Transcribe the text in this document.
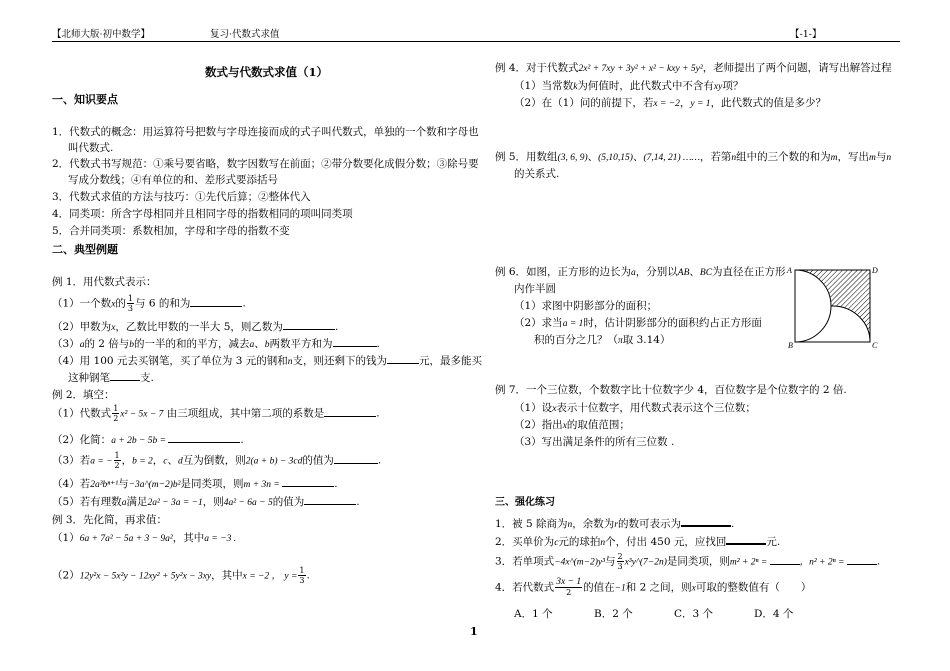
【北师大版·初中数学】	复习·代数式求值	【-1-】
数式与代数式求值（1）
一、知识要点
1．代数式的概念：用运算符号把数与字母连接而成的式子叫代数式，单独的一个数和字母也
叫代数式.
2．代数式书写规范：①乘号要省略，数字因数写在前面；②带分数要化成假分数；③除号要
写成分数线；④有单位的和、差形式要添括号
3．代数式求值的方法与技巧：①先代后算；②整体代入
4．同类项：所含字母相同并且相同字母的指数相同的项叫同类项
5．合并同类项：系数相加，字母和字母的指数不变
二、典型例题
例 1．用代数式表示：
（1）一个数x的 $\frac{1}{3}$ 与 6 的和为	.
（2）甲数为x，乙数比甲数的一半大 5，则乙数为	.
（3）a的 2 倍与b的一半的和的平方，减去a、b两数平方和为	.
（4）用 100 元去买钢笔，买了单位为 3 元的钢和n支，则还剩下的钱为	元，最多能买
这种钢笔	支.
例 2．填空：
（1）代数式 $\frac{1}{2} x^2 - 5x - 7$ 由三项组成，其中第二项的系数是	.
（2）化简：a + 2b − 5b =	.
（3）若a = − $\frac{1}{2}$ ，b = 2，c、d互为倒数，则2(a + b) − 3cd的值为	.
（4）若2a³bⁿ⁺¹与−3a^(m−2)b²是同类项，则m + 3n =	.
（5）若有理数a满足2a² − 3a = −1，则4a² − 6a − 5的值为	.
例 3．先化简，再求值：
（1）6a + 7a² − 5a + 3 − 9a²，其中a = −3 .
（2）12y²x − 5x²y − 12xy² + 5y²x − 3xy，其中x = −2 ， $y = \frac{1}{3}$ .
例 4．对于代数式2x² + 7xy + 3y² + x² − kxy + 5y²，老师提出了两个问题，请写出解答过程
（1）当常数k为何值时，此代数式中不含有xy项？
（2）在（1）问的前提下，若x = −2，y = 1，此代数式的值是多少？
例 5．用数组(3, 6, 9)、(5,10,15)、(7,14, 21) ……，若第n组中的三个数的和为m，写出m与n
的关系式.
例 6．如图，正方形的边长为a，分别以AB、BC为直径在正方形
内作半圆
（1）求图中阴影部分的面积；
（2）求当a = 1时，估计阴影部分的面积约占正方形面
积的百分之几？（π取 3.14）
A	D
B	C
例 7．一个三位数，个数数字比十位数字少 4，百位数字是个位数字的 2 倍.
（1）设x表示十位数字，用代数式表示这个三位数；
（2）指出x的取值范围；
（3）写出满足条件的所有三位数 .
三、强化练习
1．被 5 除商为n，余数为r的数可表示为	.
2．买单价为c元的球拍n个，付出 450 元，应找回	元.
3．若单项式−4x^(m−2)y³与 $\frac{2}{3}$ x³y^(7−2n)是同类项，则m² + 2ⁿ =	，n² + 2ⁿ =	.
4．若代数式 $\frac{3x - 1}{2}$ 的值在−1和 2 之间，则x可取的整数值有（　　）
A．1 个	B．2 个	C．3 个	D．4 个
1
